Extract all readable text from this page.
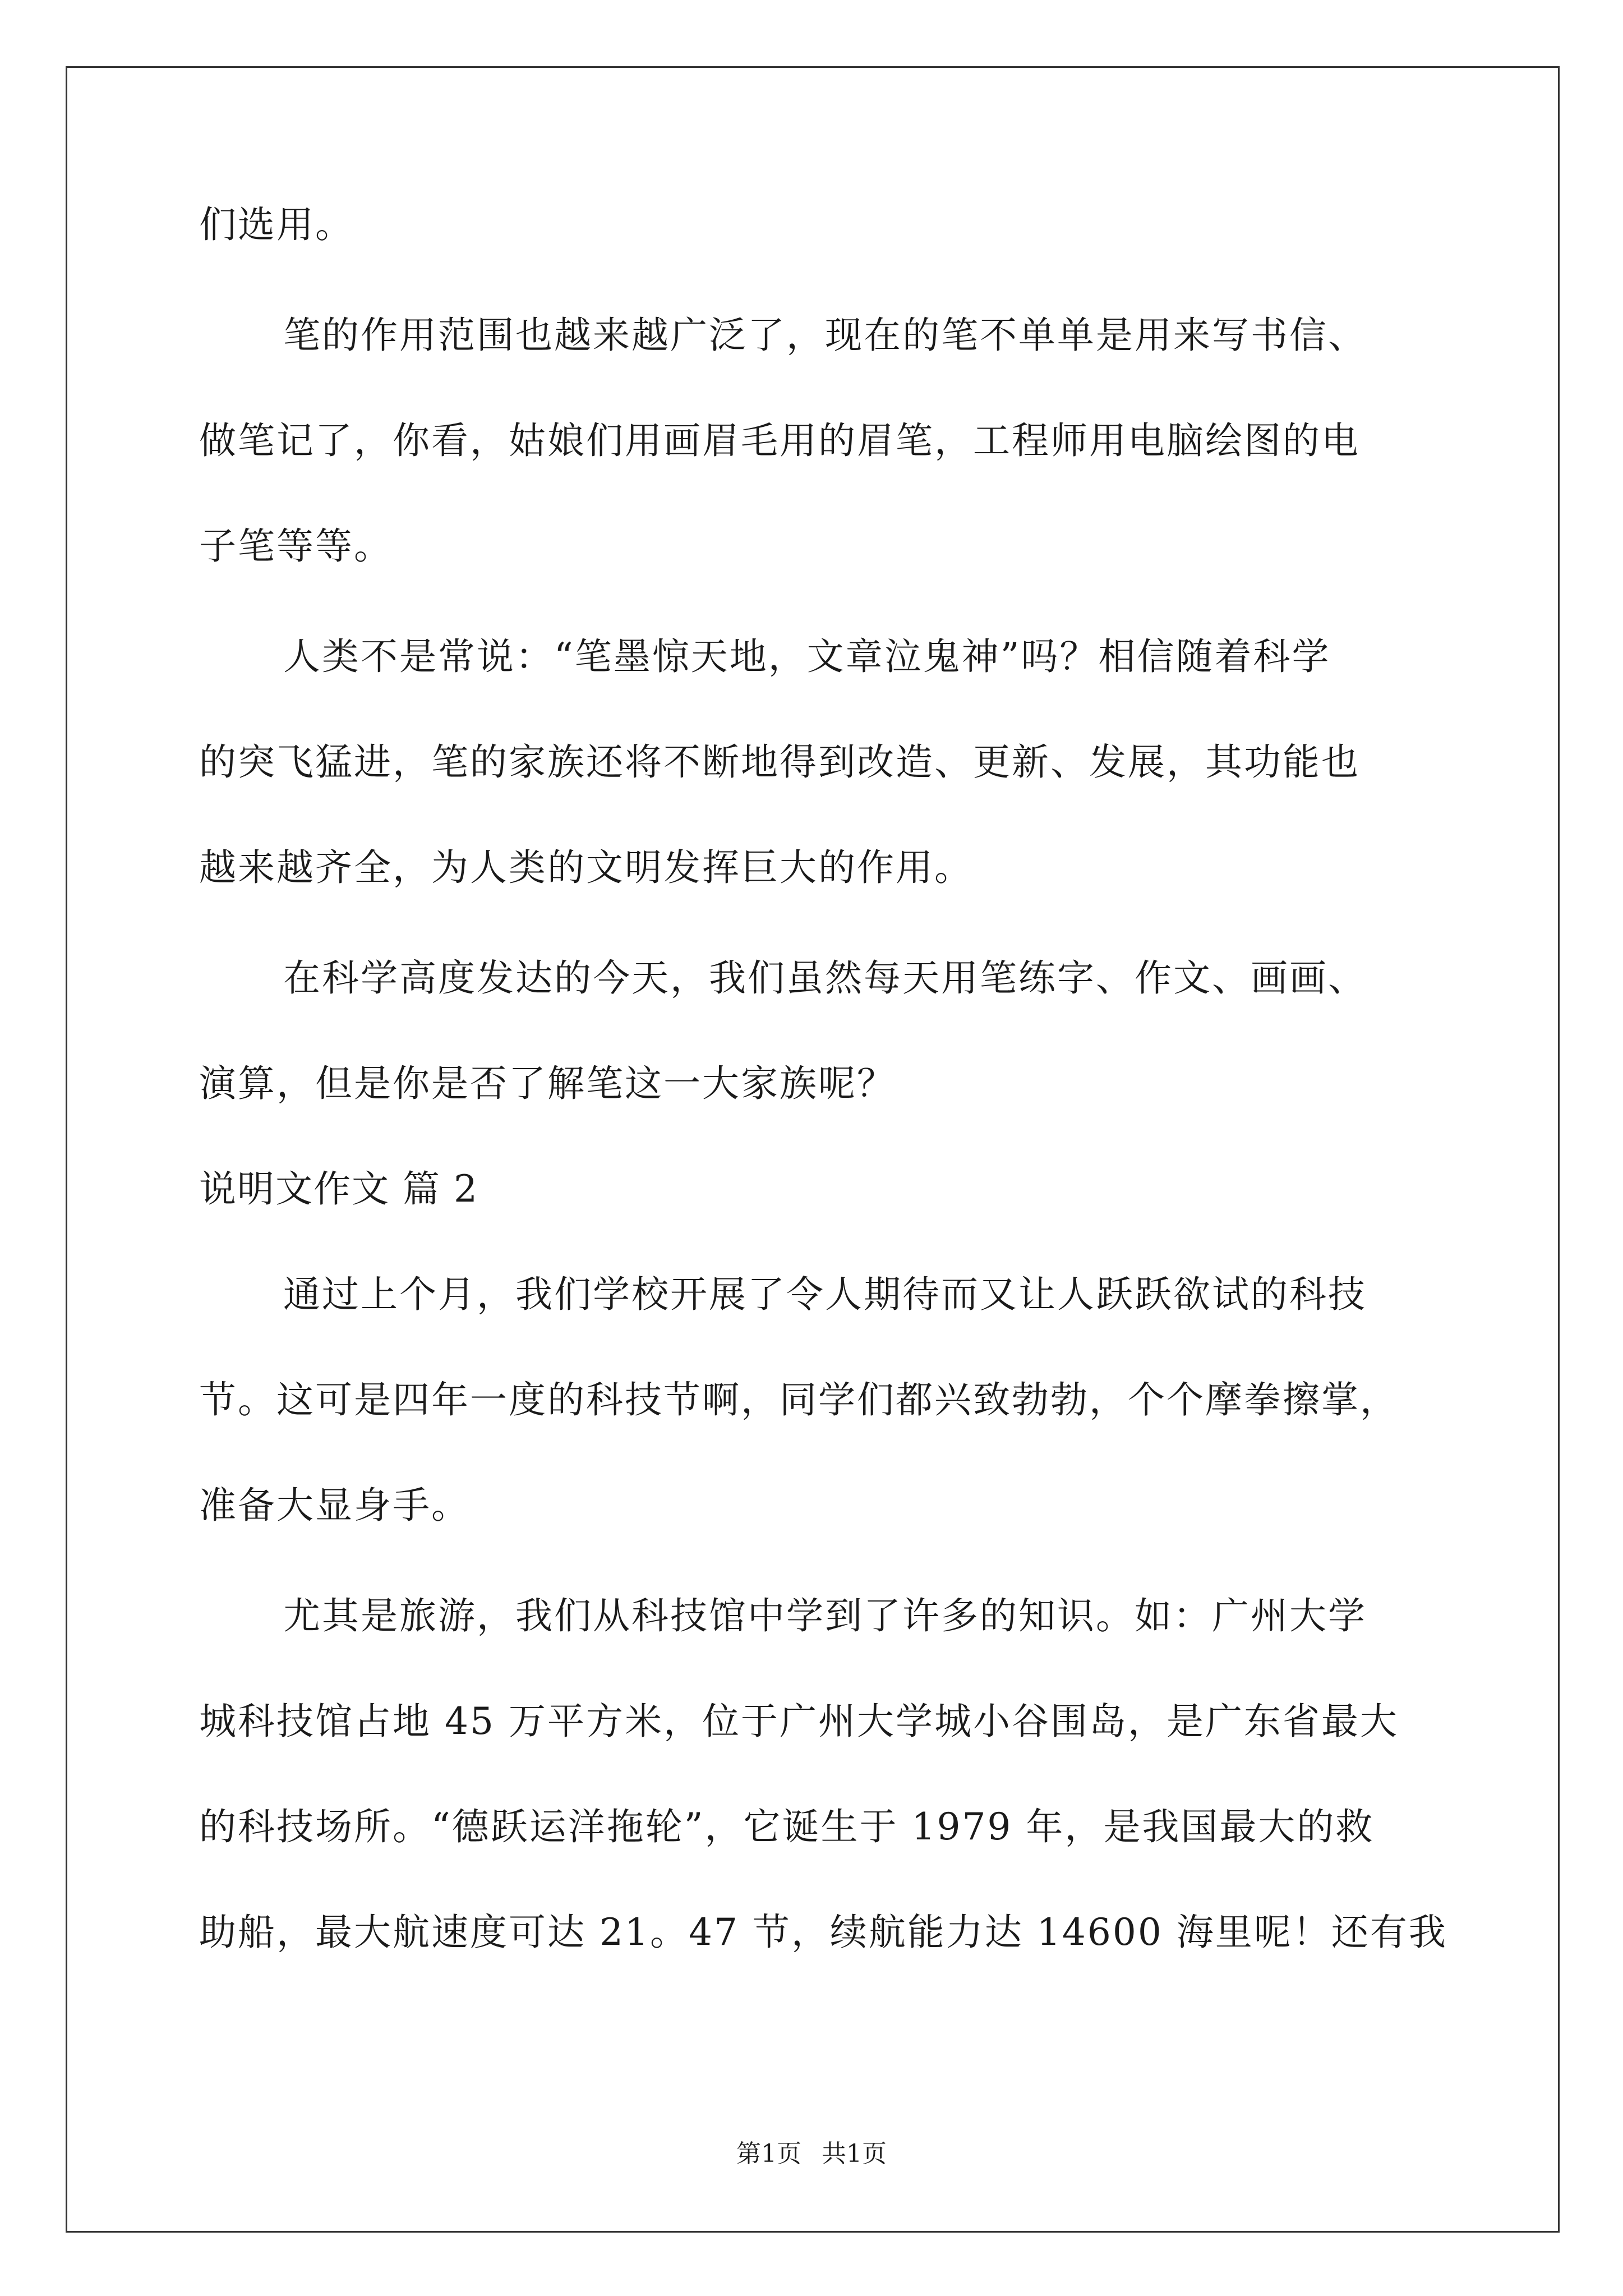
们选用。
笔的作用范围也越来越广泛了，现在的笔不单单是用来写书信、
做笔记了，你看，姑娘们用画眉毛用的眉笔，工程师用电脑绘图的电
子笔等等。
人类不是常说：“笔墨惊天地，文章泣鬼神”吗？相信随着科学
的突飞猛进，笔的家族还将不断地得到改造、更新、发展，其功能也
越来越齐全，为人类的文明发挥巨大的作用。
在科学高度发达的今天，我们虽然每天用笔练字、作文、画画、
演算，但是你是否了解笔这一大家族呢？
说明文作文 篇 2
通过上个月，我们学校开展了令人期待而又让人跃跃欲试的科技
节。这可是四年一度的科技节啊，同学们都兴致勃勃，个个摩拳擦掌，
准备大显身手。
尤其是旅游，我们从科技馆中学到了许多的知识。如：广州大学
城科技馆占地 45 万平方米，位于广州大学城小谷围岛，是广东省最大
的科技场所。“德跃运洋拖轮”，它诞生于 1979 年，是我国最大的救
助船，最大航速度可达 21。47 节，续航能力达 14600 海里呢！还有我
第1页 共1页
